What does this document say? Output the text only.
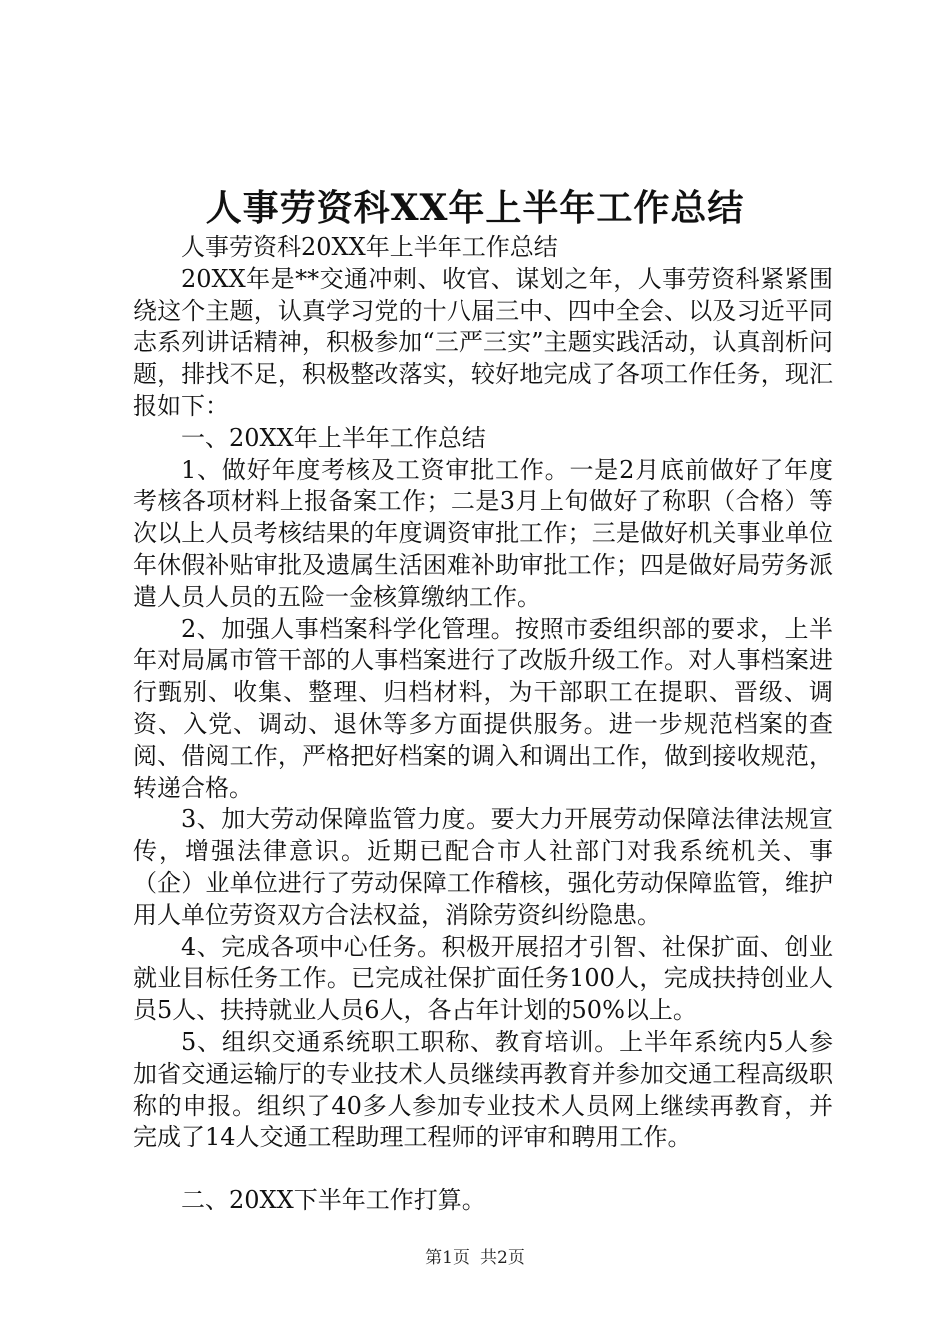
人事劳资科XX年上半年工作总结

人事劳资科20XX年上半年工作总结

20XX年是**交通冲刺、收官、谋划之年，人事劳资科紧紧围绕这个主题，认真学习党的十八届三中、四中全会、以及习近平同志系列讲话精神，积极参加“三严三实”主题实践活动，认真剖析问题，排找不足，积极整改落实，较好地完成了各项工作任务，现汇报如下：

一、20XX年上半年工作总结

1、做好年度考核及工资审批工作。一是2月底前做好了年度考核各项材料上报备案工作；二是3月上旬做好了称职（合格）等次以上人员考核结果的年度调资审批工作；三是做好机关事业单位年休假补贴审批及遗属生活困难补助审批工作；四是做好局劳务派遣人员人员的五险一金核算缴纳工作。

2、加强人事档案科学化管理。按照市委组织部的要求，上半年对局属市管干部的人事档案进行了改版升级工作。对人事档案进行甄别、收集、整理、归档材料，为干部职工在提职、晋级、调资、入党、调动、退休等多方面提供服务。进一步规范档案的查阅、借阅工作，严格把好档案的调入和调出工作，做到接收规范，转递合格。

3、加大劳动保障监管力度。要大力开展劳动保障法律法规宣传，增强法律意识。近期已配合市人社部门对我系统机关、事（企）业单位进行了劳动保障工作稽核，强化劳动保障监管，维护用人单位劳资双方合法权益，消除劳资纠纷隐患。

4、完成各项中心任务。积极开展招才引智、社保扩面、创业就业目标任务工作。已完成社保扩面任务100人，完成扶持创业人员5人、扶持就业人员6人，各占年计划的50%以上。

5、组织交通系统职工职称、教育培训。上半年系统内5人参加省交通运输厅的专业技术人员继续再教育并参加交通工程高级职称的申报。组织了40多人参加专业技术人员网上继续再教育，并完成了14人交通工程助理工程师的评审和聘用工作。

二、20XX下半年工作打算。

第1页 共2页
